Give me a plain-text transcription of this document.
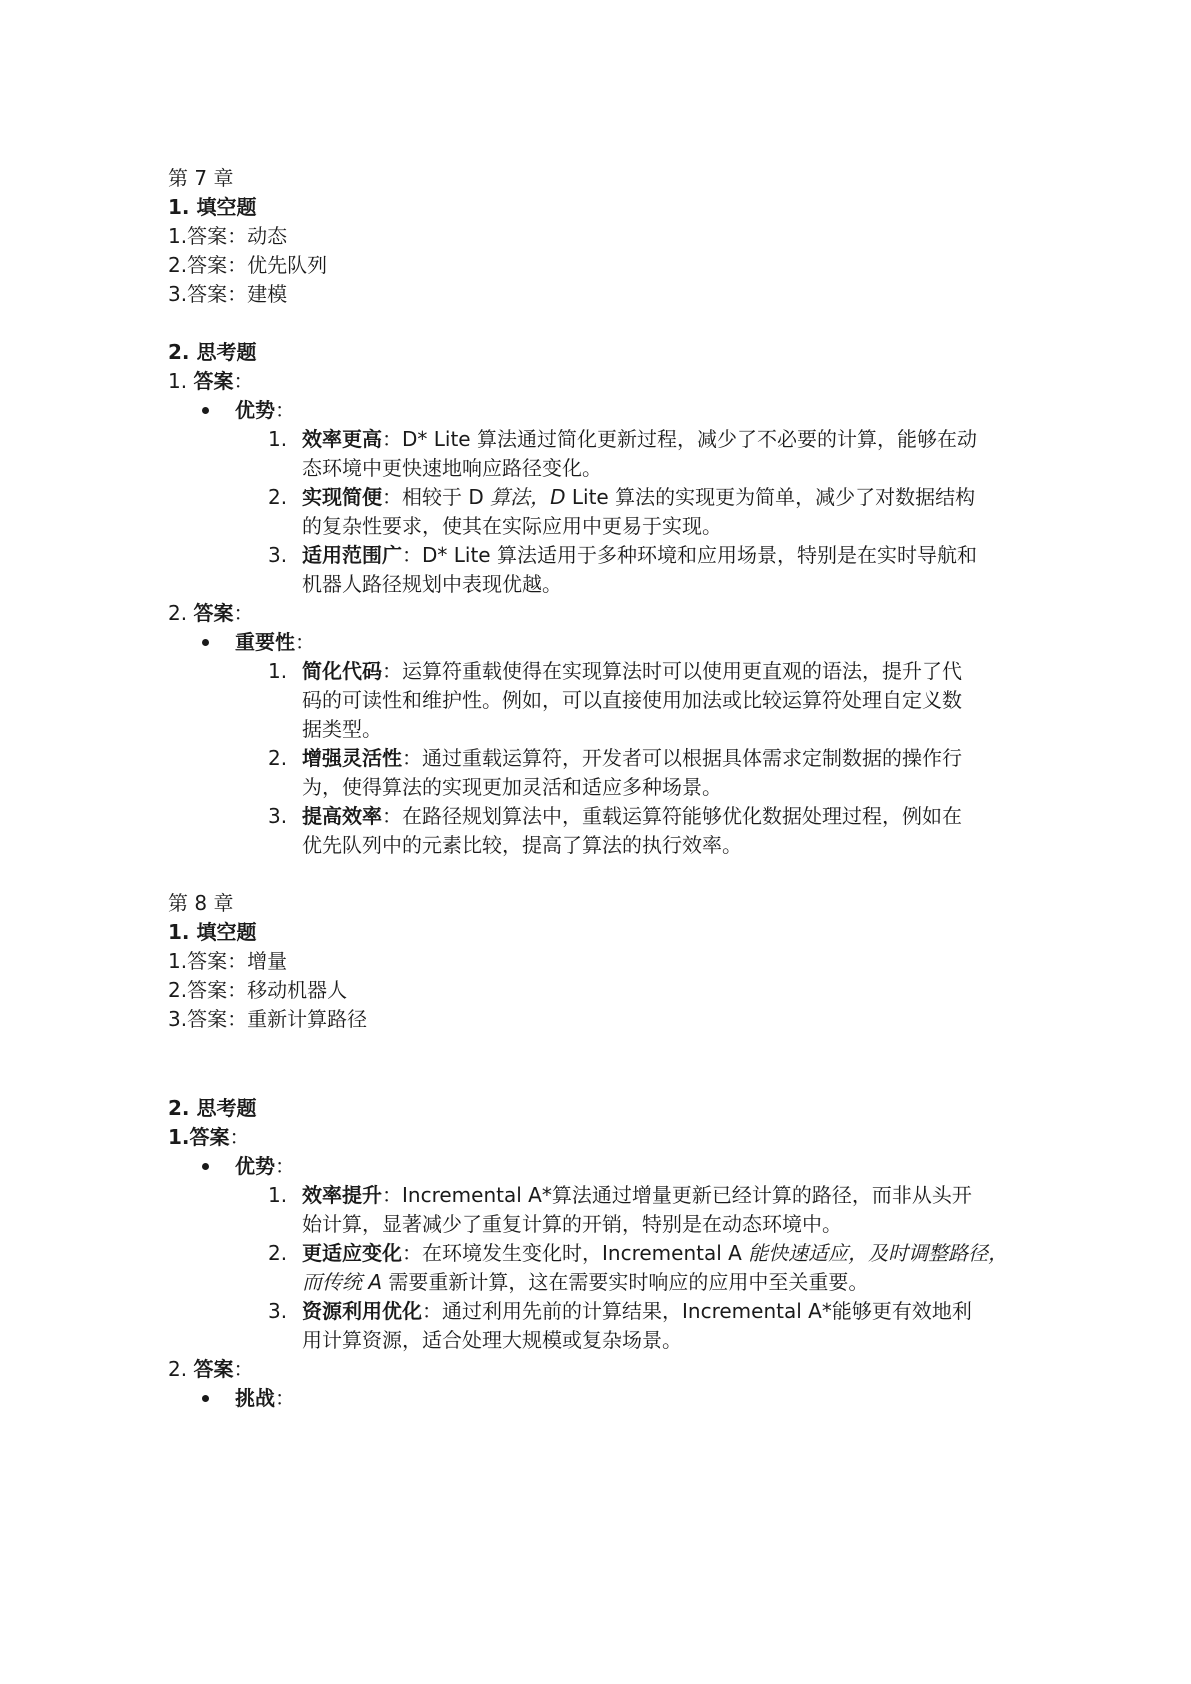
第 7 章
1. 填空题
1.答案：动态
2.答案：优先队列
3.答案：建模
2. 思考题
1. 答案：
优势：
1. 效率更高：D* Lite 算法通过简化更新过程，减少了不必要的计算，能够在动
态环境中更快速地响应路径变化。
2. 实现简便：相较于 D 算法，D Lite 算法的实现更为简单，减少了对数据结构
的复杂性要求，使其在实际应用中更易于实现。
3. 适用范围广：D* Lite 算法适用于多种环境和应用场景，特别是在实时导航和
机器人路径规划中表现优越。
2. 答案：
重要性：
1. 简化代码：运算符重载使得在实现算法时可以使用更直观的语法，提升了代
码的可读性和维护性。例如，可以直接使用加法或比较运算符处理自定义数
据类型。
2. 增强灵活性：通过重载运算符，开发者可以根据具体需求定制数据的操作行
为，使得算法的实现更加灵活和适应多种场景。
3. 提高效率：在路径规划算法中，重载运算符能够优化数据处理过程，例如在
优先队列中的元素比较，提高了算法的执行效率。
第 8 章
1. 填空题
1.答案：增量
2.答案：移动机器人
3.答案：重新计算路径
2. 思考题
1.答案：
优势：
1. 效率提升：Incremental A*算法通过增量更新已经计算的路径，而非从头开
始计算，显著减少了重复计算的开销，特别是在动态环境中。
2. 更适应变化：在环境发生变化时，Incremental A 能快速适应，及时调整路径，
而传统 A 需要重新计算，这在需要实时响应的应用中至关重要。
3. 资源利用优化：通过利用先前的计算结果，Incremental A*能够更有效地利
用计算资源，适合处理大规模或复杂场景。
2. 答案：
挑战：
